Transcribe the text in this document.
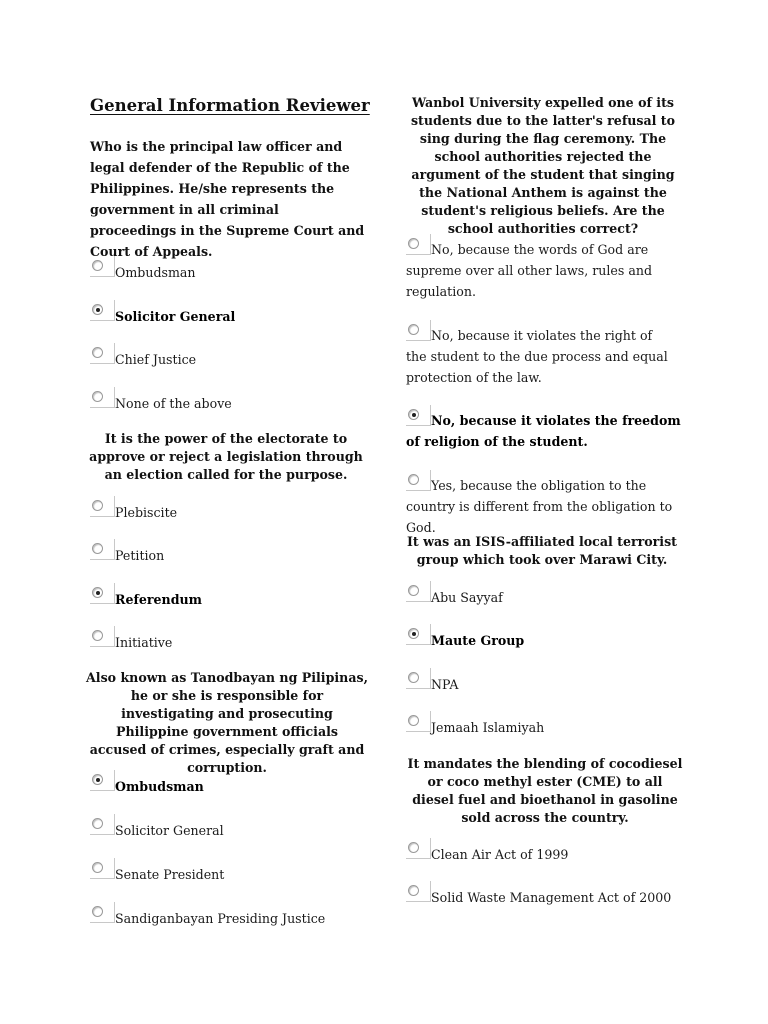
General Information Reviewer
Who is the principal law officer and legal defender of the Republic of the Philippines. He/she represents the government in all criminal proceedings in the Supreme Court and Court of Appeals.
Ombudsman
Solicitor General
Chief Justice
None of the above
It is the power of the electorate to approve or reject a legislation through an election called for the purpose.
Plebiscite
Petition
Referendum
Initiative
Also known as Tanodbayan ng Pilipinas, he or she is responsible for investigating and prosecuting Philippine government officials accused of crimes, especially graft and corruption.
Ombudsman
Solicitor General
Senate President
Sandiganbayan Presiding Justice
Wanbol University expelled one of its students due to the latter's refusal to sing during the flag ceremony. The school authorities rejected the argument of the student that singing the National Anthem is against the student's religious beliefs. Are the school authorities correct?
No, because the words of God are supreme over all other laws, rules and regulation.
No, because it violates the right of the student to the due process and equal protection of the law.
No, because it violates the freedom of religion of the student.
Yes, because the obligation to the country is different from the obligation to God.
It was an ISIS-affiliated local terrorist group which took over Marawi City.
Abu Sayyaf
Maute Group
NPA
Jemaah Islamiyah
It mandates the blending of cocodiesel or coco methyl ester (CME) to all diesel fuel and bioethanol in gasoline sold across the country.
Clean Air Act of 1999
Solid Waste Management Act of 2000
